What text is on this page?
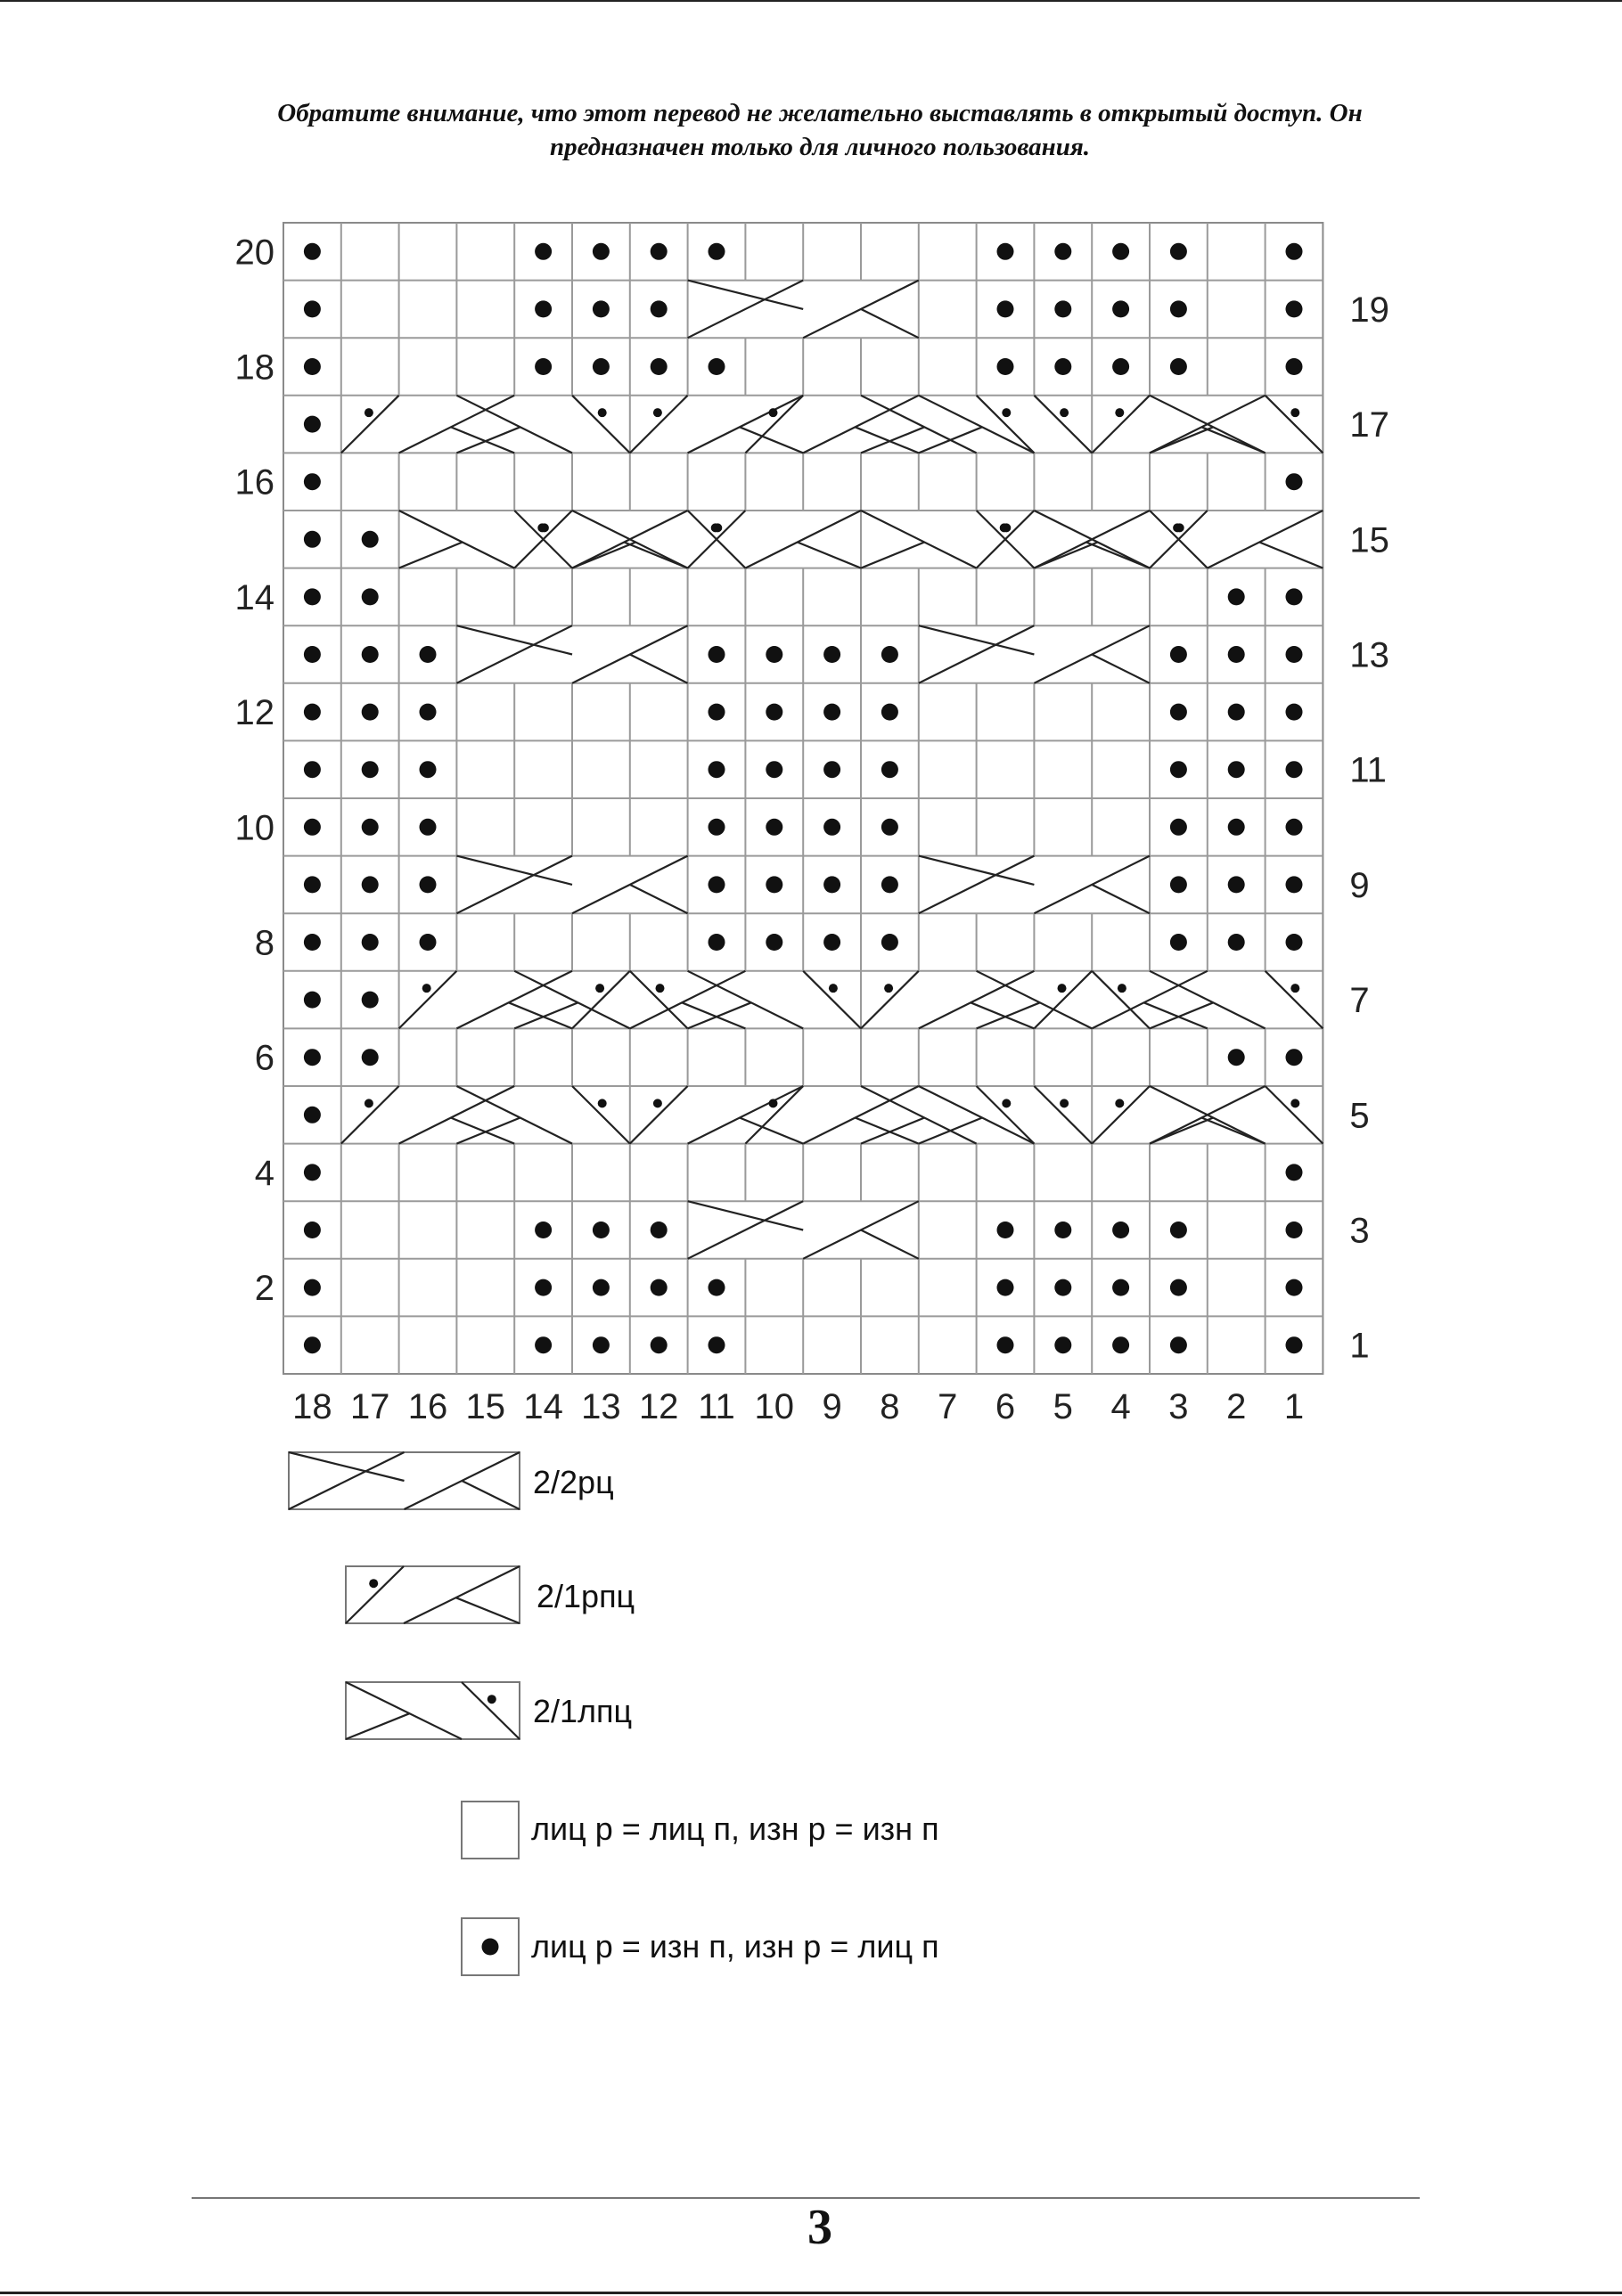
Обратите внимание, что этот перевод не желательно выставлять в открытый доступ. Он
предназначен только для личного пользования.
18 17 16 15 14 13 12 11 10 9 8 7 6 5 4 3 2 1
2
4
6
8
10
12
14
16
18
20
1
3
5
7
9
11
13
15
17
19
2/2рц
2/1рпц
2/1лпц
лиц р = лиц п, изн р = изн п
лиц р = изн п, изн р = лиц п
3
